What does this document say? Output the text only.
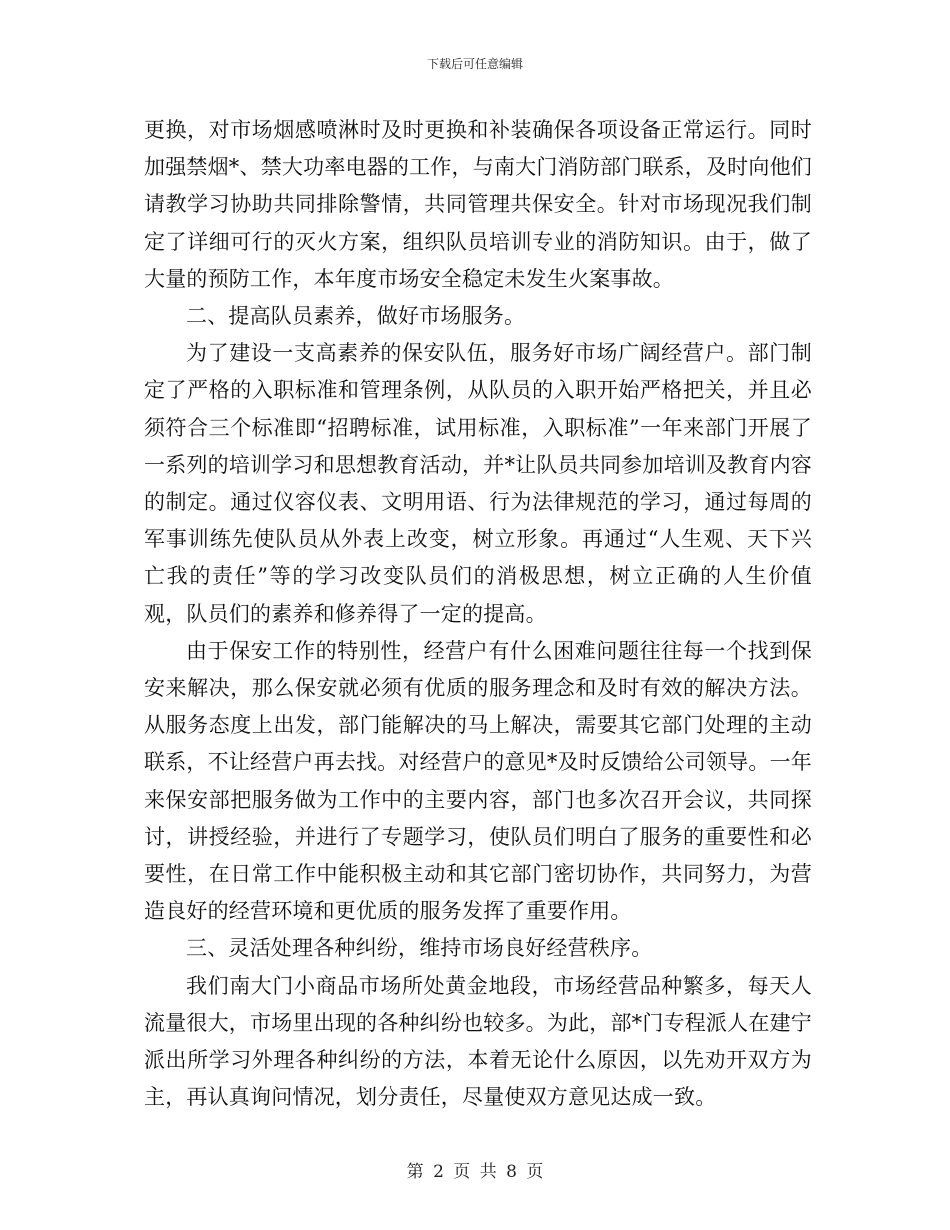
下载后可任意编辑

更换，对市场烟感喷淋时及时更换和补装确保各项设备正常运行。同时加强禁烟*、禁大功率电器的工作，与南大门消防部门联系，及时向他们请教学习协助共同排除警情，共同管理共保安全。针对市场现况我们制定了详细可行的灭火方案，组织队员培训专业的消防知识。由于，做了大量的预防工作，本年度市场安全稳定未发生火案事故。

二、提高队员素养，做好市场服务。

为了建设一支高素养的保安队伍，服务好市场广阔经营户。部门制定了严格的入职标准和管理条例，从队员的入职开始严格把关，并且必须符合三个标准即“招聘标准，试用标准，入职标准”一年来部门开展了一系列的培训学习和思想教育活动，并*让队员共同参加培训及教育内容的制定。通过仪容仪表、文明用语、行为法律规范的学习，通过每周的军事训练先使队员从外表上改变，树立形象。再通过“人生观、天下兴亡我的责任”等的学习改变队员们的消极思想，树立正确的人生价值观，队员们的素养和修养得了一定的提高。

由于保安工作的特别性，经营户有什么困难问题往往每一个找到保安来解决，那么保安就必须有优质的服务理念和及时有效的解决方法。从服务态度上出发，部门能解决的马上解决，需要其它部门处理的主动联系，不让经营户再去找。对经营户的意见*及时反馈给公司领导。一年来保安部把服务做为工作中的主要内容，部门也多次召开会议，共同探讨，讲授经验，并进行了专题学习，使队员们明白了服务的重要性和必要性，在日常工作中能积极主动和其它部门密切协作，共同努力，为营造良好的经营环境和更优质的服务发挥了重要作用。

三、灵活处理各种纠纷，维持市场良好经营秩序。

我们南大门小商品市场所处黄金地段，市场经营品种繁多，每天人流量很大，市场里出现的各种纠纷也较多。为此，部*门专程派人在建宁派出所学习外理各种纠纷的方法，本着无论什么原因，以先劝开双方为主，再认真询问情况，划分责任，尽量使双方意见达成一致。

第 2 页 共 8 页
